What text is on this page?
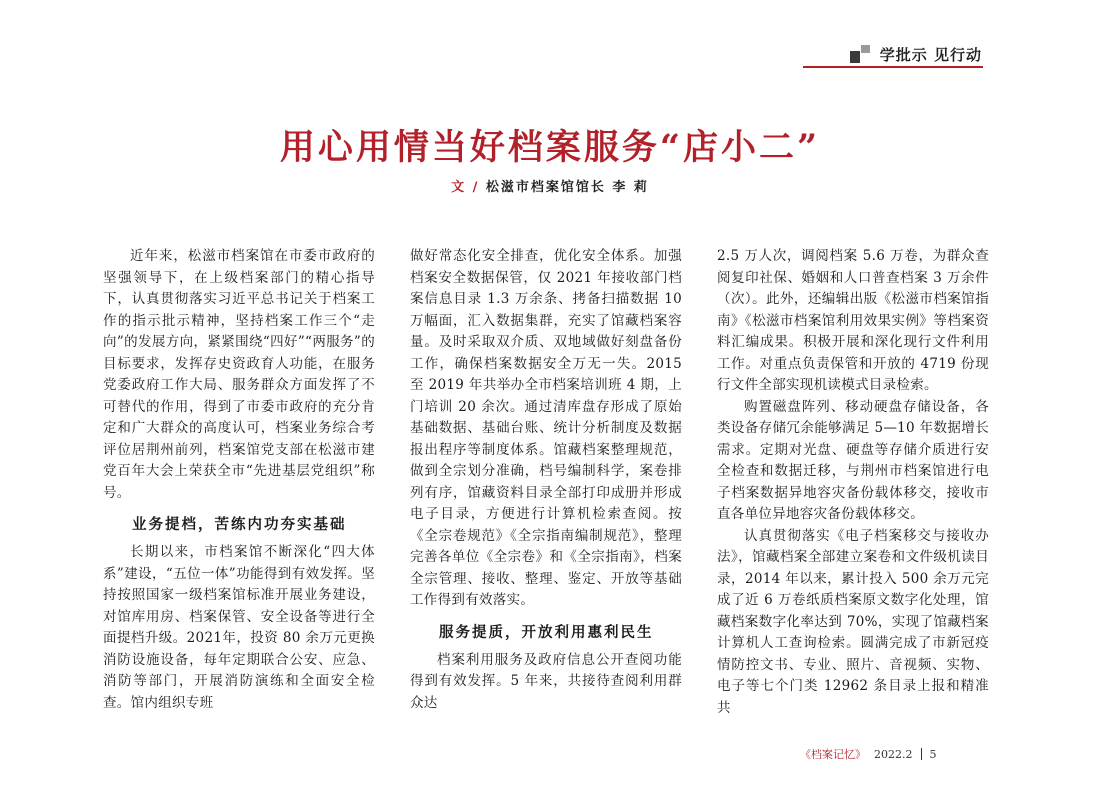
学批示 见行动
用心用情当好档案服务“店小二”
文 / 松滋市档案馆馆长 李 莉

近年来，松滋市档案馆在市委市政府的坚强领导下，在上级档案部门的精心指导下，认真贯彻落实习近平总书记关于档案工作的指示批示精神，坚持档案工作三个“走向”的发展方向，紧紧围绕“四好”“两服务”的目标要求，发挥存史资政育人功能，在服务党委政府工作大局、服务群众方面发挥了不可替代的作用，得到了市委市政府的充分肯定和广大群众的高度认可，档案业务综合考评位居荆州前列，档案馆党支部在松滋市建党百年大会上荣获全市“先进基层党组织”称号。

业务提档，苦练内功夯实基础

长期以来，市档案馆不断深化“四大体系”建设，“五位一体”功能得到有效发挥。坚持按照国家一级档案馆标准开展业务建设，对馆库用房、档案保管、安全设备等进行全面提档升级。2021年，投资 80 余万元更换消防设施设备，每年定期联合公安、应急、消防等部门，开展消防演练和全面安全检查。馆内组织专班

做好常态化安全排查，优化安全体系。加强档案安全数据保管，仅 2021 年接收部门档案信息目录 1.3 万余条、拷备扫描数据 10 万幅面，汇入数据集群，充实了馆藏档案容量。及时采取双介质、双地域做好刻盘备份工作，确保档案数据安全万无一失。2015 至 2019 年共举办全市档案培训班 4 期，上门培训 20 余次。通过清库盘存形成了原始基础数据、基础台账、统计分析制度及数据报出程序等制度体系。馆藏档案整理规范，做到全宗划分准确，档号编制科学，案卷排列有序，馆藏资料目录全部打印成册并形成电子目录，方便进行计算机检索查阅。按《全宗卷规范》《全宗指南编制规范》，整理完善各单位《全宗卷》和《全宗指南》，档案全宗管理、接收、整理、鉴定、开放等基础工作得到有效落实。

服务提质，开放利用惠利民生

档案利用服务及政府信息公开查阅功能得到有效发挥。5 年来，共接待查阅利用群众达

2.5 万人次，调阅档案 5.6 万卷，为群众查阅复印社保、婚姻和人口普查档案 3 万余件（次）。此外，还编辑出版《松滋市档案馆指南》《松滋市档案馆利用效果实例》等档案资料汇编成果。积极开展和深化现行文件利用工作。对重点负责保管和开放的 4719 份现行文件全部实现机读模式目录检索。

购置磁盘阵列、移动硬盘存储设备，各类设备存储冗余能够满足 5—10 年数据增长需求。定期对光盘、硬盘等存储介质进行安全检查和数据迁移，与荆州市档案馆进行电子档案数据异地容灾备份载体移交，接收市直各单位异地容灾备份载体移交。

认真贯彻落实《电子档案移交与接收办法》，馆藏档案全部建立案卷和文件级机读目录，2014 年以来，累计投入 500 余万元完成了近 6 万卷纸质档案原文数字化处理，馆藏档案数字化率达到 70%，实现了馆藏档案计算机人工查询检索。圆满完成了市新冠疫情防控文书、专业、照片、音视频、实物、电子等七个门类 12962 条目录上报和精准共

《档案记忆》 2022.2 5
